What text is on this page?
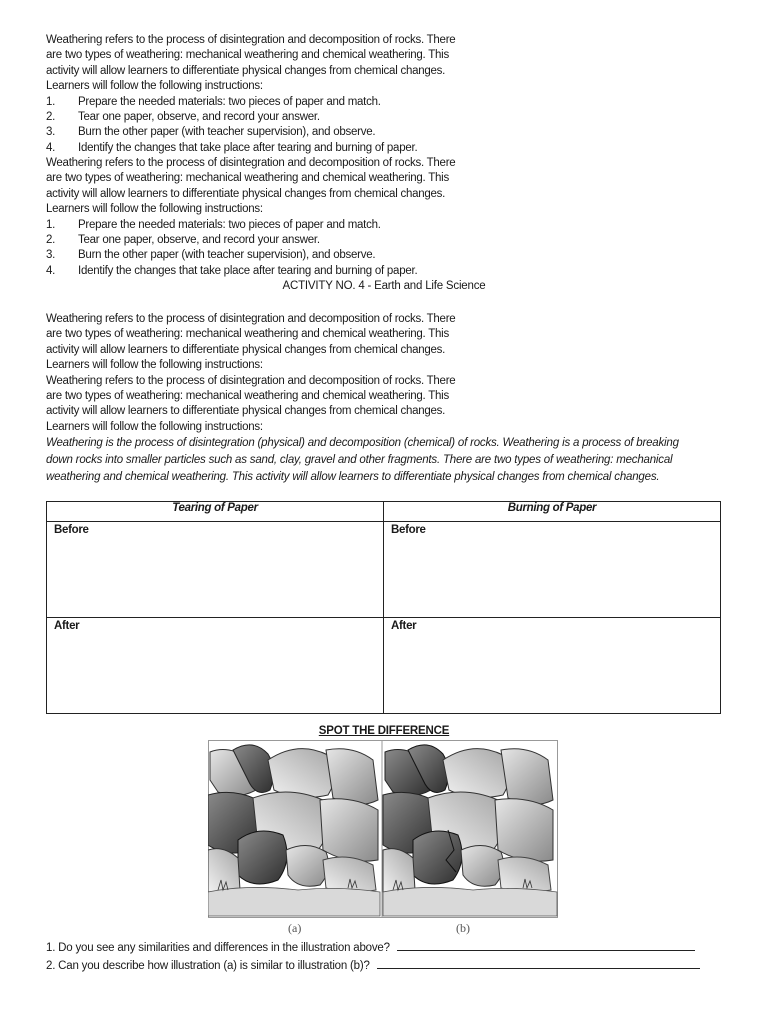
Weathering refers to the process of disintegration and decomposition of rocks. There
are two types of weathering: mechanical weathering and chemical weathering. This
activity will allow learners to differentiate physical changes from chemical changes.
Learners will follow the following instructions:
1.	Prepare the needed materials: two pieces of paper and match.
2.	Tear one paper, observe, and record your answer.
3.	Burn the other paper (with teacher supervision), and observe.
4.	Identify the changes that take place after tearing and burning of paper.
Weathering refers to the process of disintegration and decomposition of rocks. There
are two types of weathering: mechanical weathering and chemical weathering. This
activity will allow learners to differentiate physical changes from chemical changes.
Learners will follow the following instructions:
1.	Prepare the needed materials: two pieces of paper and match.
2.	Tear one paper, observe, and record your answer.
3.	Burn the other paper (with teacher supervision), and observe.
4.	Identify the changes that take place after tearing and burning of paper.
ACTIVITY NO. 4 - Earth and Life Science
Weathering refers to the process of disintegration and decomposition of rocks. There
are two types of weathering: mechanical weathering and chemical weathering. This
activity will allow learners to differentiate physical changes from chemical changes.
Learners will follow the following instructions:
Weathering refers to the process of disintegration and decomposition of rocks. There
are two types of weathering: mechanical weathering and chemical weathering. This
activity will allow learners to differentiate physical changes from chemical changes.
Learners will follow the following instructions:
Weathering is the process of disintegration (physical) and decomposition (chemical) of rocks. Weathering is a process of breaking
down rocks into smaller particles such as sand, clay, gravel and other fragments. There are two types of weathering: mechanical
weathering and chemical weathering. This activity will allow learners to differentiate physical changes from chemical changes.
Tearing of Paper	Burning of Paper
Before	Before
After	After
SPOT THE DIFFERENCE
(a)	(b)
1. Do you see any similarities and differences in the illustration above?
2. Can you describe how illustration (a) is similar to illustration (b)?
